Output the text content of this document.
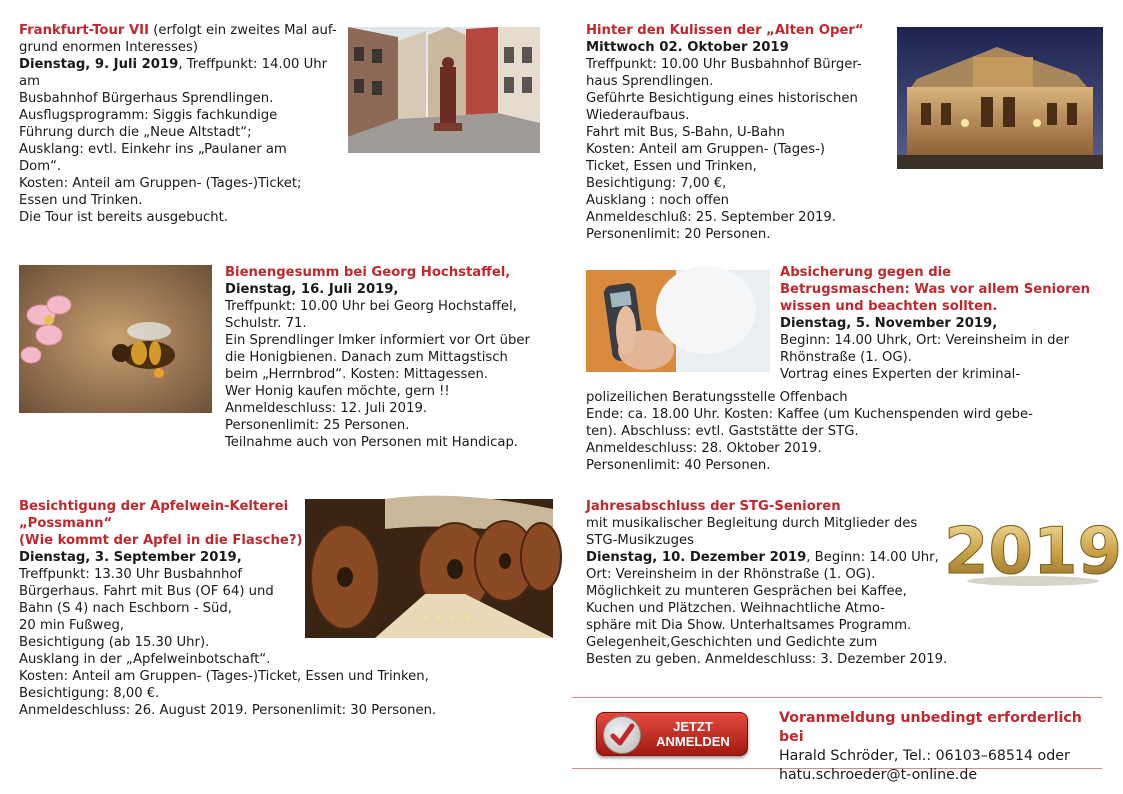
Frankfurt-Tour VII (erfolgt ein zweites Mal auf-

grund enormen Interesses)

Dienstag, 9. Juli 2019, Treffpunkt: 14.00 Uhr am

Busbahnhof Bürgerhaus Sprendlingen.

Ausflugsprogramm: Siggis fachkundige

Führung durch die „Neue Altstadt“;

Ausklang: evtl. Einkehr ins „Paulaner am

Dom“.

Kosten: Anteil am Gruppen- (Tages-)Ticket;

Essen und Trinken.

Die Tour ist bereits ausgebucht.

Hinter den Kulissen der „Alten Oper“

Mittwoch 02. Oktober 2019

Treffpunkt: 10.00 Uhr Busbahnhof Bürger-

haus Sprendlingen.

Geführte Besichtigung eines historischen

Wiederaufbaus.

Fahrt mit Bus, S-Bahn, U-Bahn

Kosten: Anteil am Gruppen- (Tages-)

Ticket, Essen und Trinken,

Besichtigung: 7,00 €,

Ausklang : noch offen

Anmeldeschluß: 25. September 2019.

Personenlimit: 20 Personen.

Bienengesumm bei Georg Hochstaffel,

Dienstag, 16. Juli 2019,

Treffpunkt: 10.00 Uhr bei Georg Hochstaffel,

Schulstr. 71.

Ein Sprendlinger Imker informiert vor Ort über

die Honigbienen. Danach zum Mittagstisch

beim „Herrnbrod“. Kosten: Mittagessen.

Wer Honig kaufen möchte, gern !!

Anmeldeschluss: 12. Juli 2019.

Personenlimit: 25 Personen.

Teilnahme auch von Personen mit Handicap.

Absicherung gegen die

Betrugsmaschen: Was vor allem Senioren

wissen und beachten sollten.

Dienstag, 5. November 2019,

Beginn: 14.00 Uhrk, Ort: Vereinsheim in der

Rhönstraße (1. OG).

Vortrag eines Experten der kriminal-

polizeilichen Beratungsstelle Offenbach

Ende: ca. 18.00 Uhr. Kosten: Kaffee (um Kuchenspenden wird gebe-

ten). Abschluss: evtl. Gaststätte der STG.

Anmeldeschluss: 28. Oktober 2019.

Personenlimit: 40 Personen.

Besichtigung der Apfelwein-Kelterei

„Possmann“

(Wie kommt der Apfel in die Flasche?)

Dienstag, 3. September 2019,

Treffpunkt: 13.30 Uhr Busbahnhof

Bürgerhaus. Fahrt mit Bus (OF 64) und

Bahn (S 4) nach Eschborn - Süd,

20 min Fußweg,

Besichtigung (ab 15.30 Uhr).

Ausklang in der „Apfelweinbotschaft“.

Kosten: Anteil am Gruppen- (Tages-)Ticket, Essen und Trinken,

Besichtigung: 8,00 €.

Anmeldeschluss: 26. August 2019. Personenlimit: 30 Personen.

Jahresabschluss der STG-Senioren

mit musikalischer Begleitung durch Mitglieder des

STG-Musikzuges

Dienstag, 10. Dezember 2019, Beginn: 14.00 Uhr,

Ort: Vereinsheim in der Rhönstraße (1. OG).

Möglichkeit zu munteren Gesprächen bei Kaffee,

Kuchen und Plätzchen. Weihnachtliche Atmo-

sphäre mit Dia Show. Unterhaltsames Programm.

Gelegenheit,Geschichten und Gedichte zum

Besten zu geben. Anmeldeschluss: 3. Dezember 2019.

2019
JETZT
ANMELDEN

Voranmeldung unbedingt erforderlich bei

Harald Schröder, Tel.: 06103–68514 oder

hatu.schroeder@t-online.de
